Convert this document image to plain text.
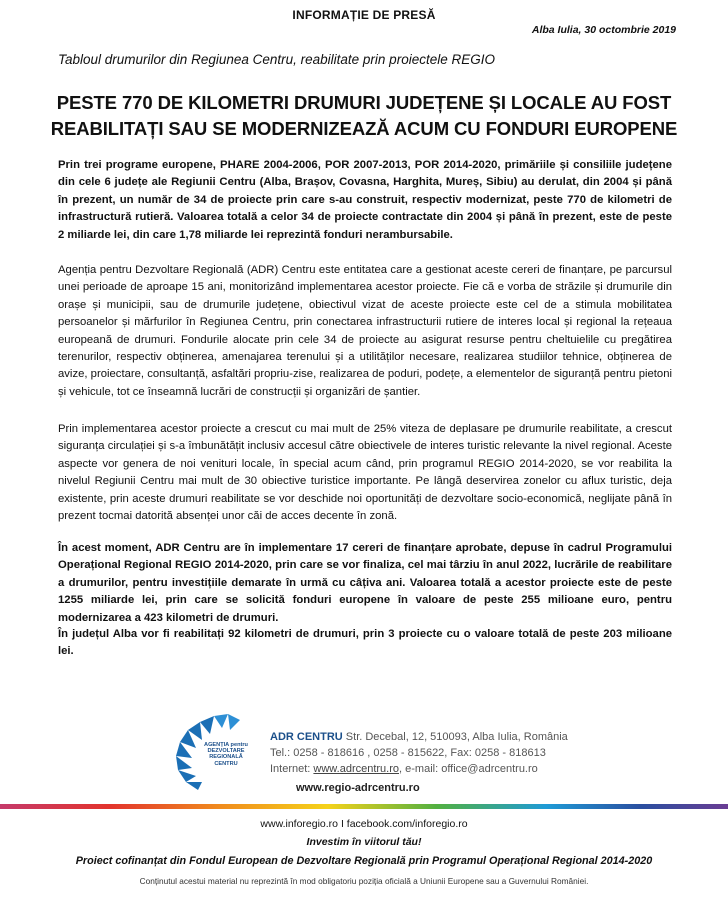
INFORMAȚIE DE PRESĂ
Alba Iulia, 30 octombrie 2019
Tabloul drumurilor din Regiunea Centru, reabilitate prin proiectele REGIO
PESTE 770 DE KILOMETRI DRUMURI JUDEȚENE ȘI LOCALE AU FOST
REABILITAȚI SAU SE MODERNIZEAZĂ ACUM CU FONDURI EUROPENE

Prin trei programe europene, PHARE 2004-2006, POR 2007-2013, POR 2014-2020, primăriile și consiliile județene din cele 6 județe ale Regiunii Centru (Alba, Brașov, Covasna, Harghita, Mureș, Sibiu) au derulat, din 2004 și până în prezent, un număr de 34 de proiecte prin care s-au construit, respectiv modernizat, peste 770 de kilometri de infrastructură rutieră. Valoarea totală a celor 34 de proiecte contractate din 2004 și până în prezent, este de peste 2 miliarde lei, din care 1,78 miliarde lei reprezintă fonduri nerambursabile.

Agenția pentru Dezvoltare Regională (ADR) Centru este entitatea care a gestionat aceste cereri de finanțare, pe parcursul unei perioade de aproape 15 ani, monitorizând implementarea acestor proiecte. Fie că e vorba de străzile și drumurile din orașe și municipii, sau de drumurile județene, obiectivul vizat de aceste proiecte este cel de a stimula mobilitatea persoanelor și mărfurilor în Regiunea Centru, prin conectarea infrastructurii rutiere de interes local și regional la rețeaua europeană de drumuri. Fondurile alocate prin cele 34 de proiecte au asigurat resurse pentru cheltuielile cu pregătirea terenurilor, respectiv obținerea, amenajarea terenului și a utilităților necesare, realizarea studiilor tehnice, obținerea de avize, proiectare, consultanță, asfaltări propriu-zise, realizarea de poduri, podețe, a elementelor de siguranță pentru pietoni și vehicule, tot ce înseamnă lucrări de construcții și organizări de șantier.

Prin implementarea acestor proiecte a crescut cu mai mult de 25% viteza de deplasare pe drumurile reabilitate, a crescut siguranța circulației și s-a îmbunătățit inclusiv accesul către obiectivele de interes turistic relevante la nivel regional. Aceste aspecte vor genera de noi venituri locale, în special acum când, prin programul REGIO 2014-2020, se vor reabilita la nivelul Regiunii Centru mai mult de 30 obiective turistice importante. Pe lângă deservirea zonelor cu aflux turistic, deja existente, prin aceste drumuri reabilitate se vor deschide noi oportunități de dezvoltare socio-economică, neglijate până în prezent tocmai datorită absenței unor căi de acces decente în zonă.

În acest moment, ADR Centru are în implementare 17 cereri de finanțare aprobate, depuse în cadrul Programului Operațional Regional REGIO 2014-2020, prin care se vor finaliza, cel mai târziu în anul 2022, lucrările de reabilitare a drumurilor, pentru investițiile demarate în urmă cu câțiva ani. Valoarea totală a acestor proiecte este de peste 1255 miliarde lei, prin care se solicită fonduri europene în valoare de peste 255 milioane euro, pentru modernizarea a 423 kilometri de drumuri.

În județul Alba vor fi reabilitați 92 kilometri de drumuri, prin 3 proiecte cu o valoare totală de peste 203 milioane lei.

AGENȚIA pentru DEZVOLTARE REGIONALĂ CENTRU
ADR CENTRU Str. Decebal, 12, 510093, Alba Iulia, România
Tel.: 0258 - 818616 , 0258 - 815622, Fax: 0258 - 818613
Internet: www.adrcentru.ro, e-mail: office@adrcentru.ro
www.regio-adrcentru.ro
www.inforegio.ro I facebook.com/inforegio.ro
Investim în viitorul tău!
Proiect cofinanțat din Fondul European de Dezvoltare Regională prin Programul Operațional Regional 2014-2020
Conținutul acestui material nu reprezintă în mod obligatoriu poziția oficială a Uniunii Europene sau a Guvernului României.
